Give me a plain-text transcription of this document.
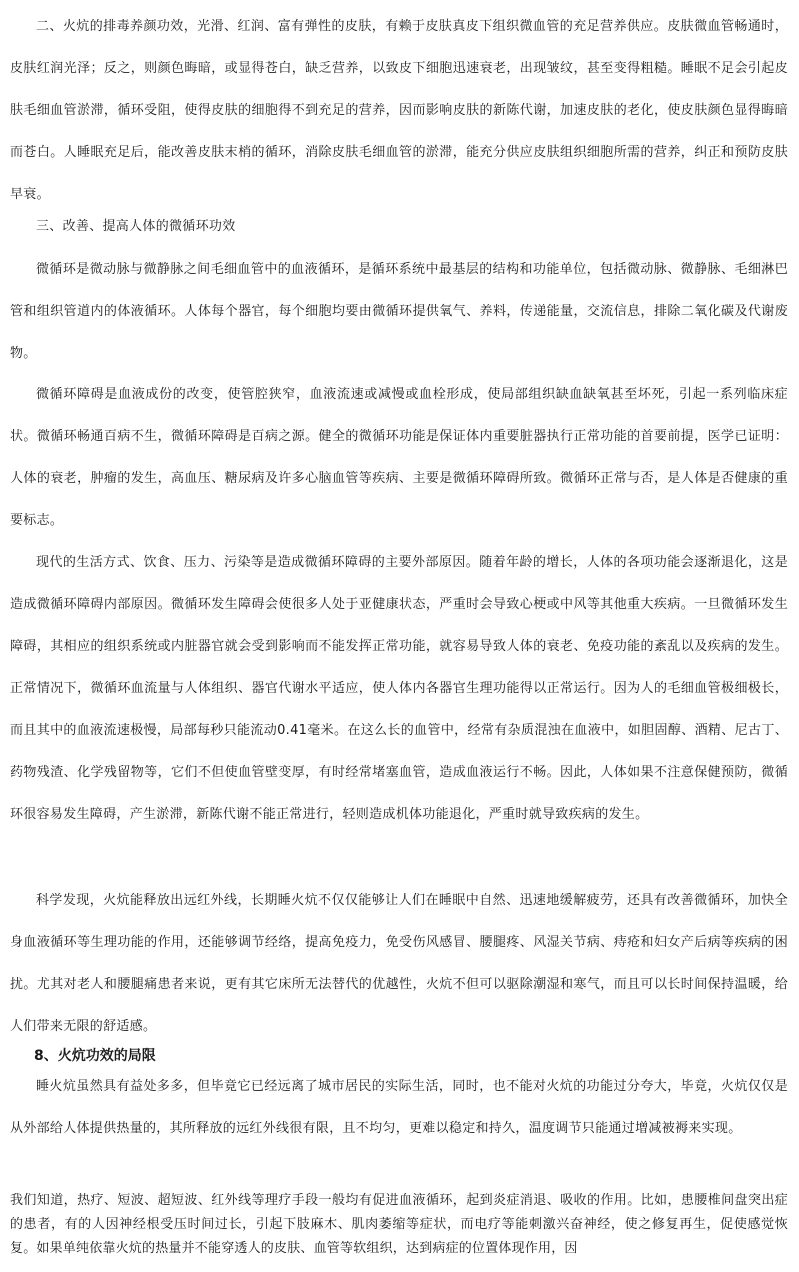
二、火炕的排毒养颜功效，光滑、红润、富有弹性的皮肤，有赖于皮肤真皮下组织微血管的充足营养供应。皮肤微血管畅通时，皮肤红润光泽；反之，则颜色晦暗，或显得苍白，缺乏营养，以致皮下细胞迅速衰老，出现皱纹，甚至变得粗糙。睡眠不足会引起皮肤毛细血管淤滞，循环受阻，使得皮肤的细胞得不到充足的营养，因而影响皮肤的新陈代谢，加速皮肤的老化，使皮肤颜色显得晦暗而苍白。人睡眠充足后，能改善皮肤末梢的循环，消除皮肤毛细血管的淤滞，能充分供应皮肤组织细胞所需的营养，纠正和预防皮肤早衰。

三、改善、提高人体的微循环功效

微循环是微动脉与微静脉之间毛细血管中的血液循环，是循环系统中最基层的结构和功能单位，包括微动脉、微静脉、毛细淋巴管和组织管道内的体液循环。人体每个器官，每个细胞均要由微循环提供氧气、养料，传递能量，交流信息，排除二氧化碳及代谢废物。

微循环障碍是血液成份的改变，使管腔狭窄，血液流速或减慢或血栓形成，使局部组织缺血缺氧甚至坏死，引起一系列临床症状。微循环畅通百病不生，微循环障碍是百病之源。健全的微循环功能是保证体内重要脏器执行正常功能的首要前提，医学已证明：人体的衰老，肿瘤的发生，高血压、糖尿病及许多心脑血管等疾病、主要是微循环障碍所致。微循环正常与否，是人体是否健康的重要标志。

现代的生活方式、饮食、压力、污染等是造成微循环障碍的主要外部原因。随着年龄的增长，人体的各项功能会逐渐退化，这是造成微循环障碍内部原因。微循环发生障碍会使很多人处于亚健康状态，严重时会导致心梗或中风等其他重大疾病。一旦微循环发生障碍，其相应的组织系统或内脏器官就会受到影响而不能发挥正常功能，就容易导致人体的衰老、免疫功能的紊乱以及疾病的发生。正常情况下，微循环血流量与人体组织、器官代谢水平适应，使人体内各器官生理功能得以正常运行。因为人的毛细血管极细极长，而且其中的血液流速极慢，局部每秒只能流动0.41毫米。在这么长的血管中，经常有杂质混浊在血液中，如胆固醇、酒精、尼古丁、药物残渣、化学残留物等，它们不但使血管壁变厚，有时经常堵塞血管，造成血液运行不畅。因此，人体如果不注意保健预防，微循环很容易发生障碍，产生淤滞，新陈代谢不能正常进行，轻则造成机体功能退化，严重时就导致疾病的发生。

科学发现，火炕能释放出远红外线，长期睡火炕不仅仅能够让人们在睡眠中自然、迅速地缓解疲劳，还具有改善微循环，加快全身血液循环等生理功能的作用，还能够调节经络，提高免疫力，免受伤风感冒、腰腿疼、风湿关节病、痔疮和妇女产后病等疾病的困扰。尤其对老人和腰腿痛患者来说，更有其它床所无法替代的优越性，火炕不但可以驱除潮湿和寒气，而且可以长时间保持温暖，给人们带来无限的舒适感。

8、火炕功效的局限

睡火炕虽然具有益处多多，但毕竟它已经远离了城市居民的实际生活，同时，也不能对火炕的功能过分夸大，毕竟，火炕仅仅是从外部给人体提供热量的，其所释放的远红外线很有限，且不均匀，更难以稳定和持久，温度调节只能通过增减被褥来实现。

我们知道，热疗、短波、超短波、红外线等理疗手段一般均有促进血液循环，起到炎症消退、吸收的作用。比如，患腰椎间盘突出症的患者，有的人因神经根受压时间过长，引起下肢麻木、肌肉萎缩等症状，而电疗等能刺激兴奋神经，使之修复再生，促使感觉恢复。如果单纯依靠火炕的热量并不能穿透人的皮肤、血管等软组织，达到病症的位置体现作用，因
